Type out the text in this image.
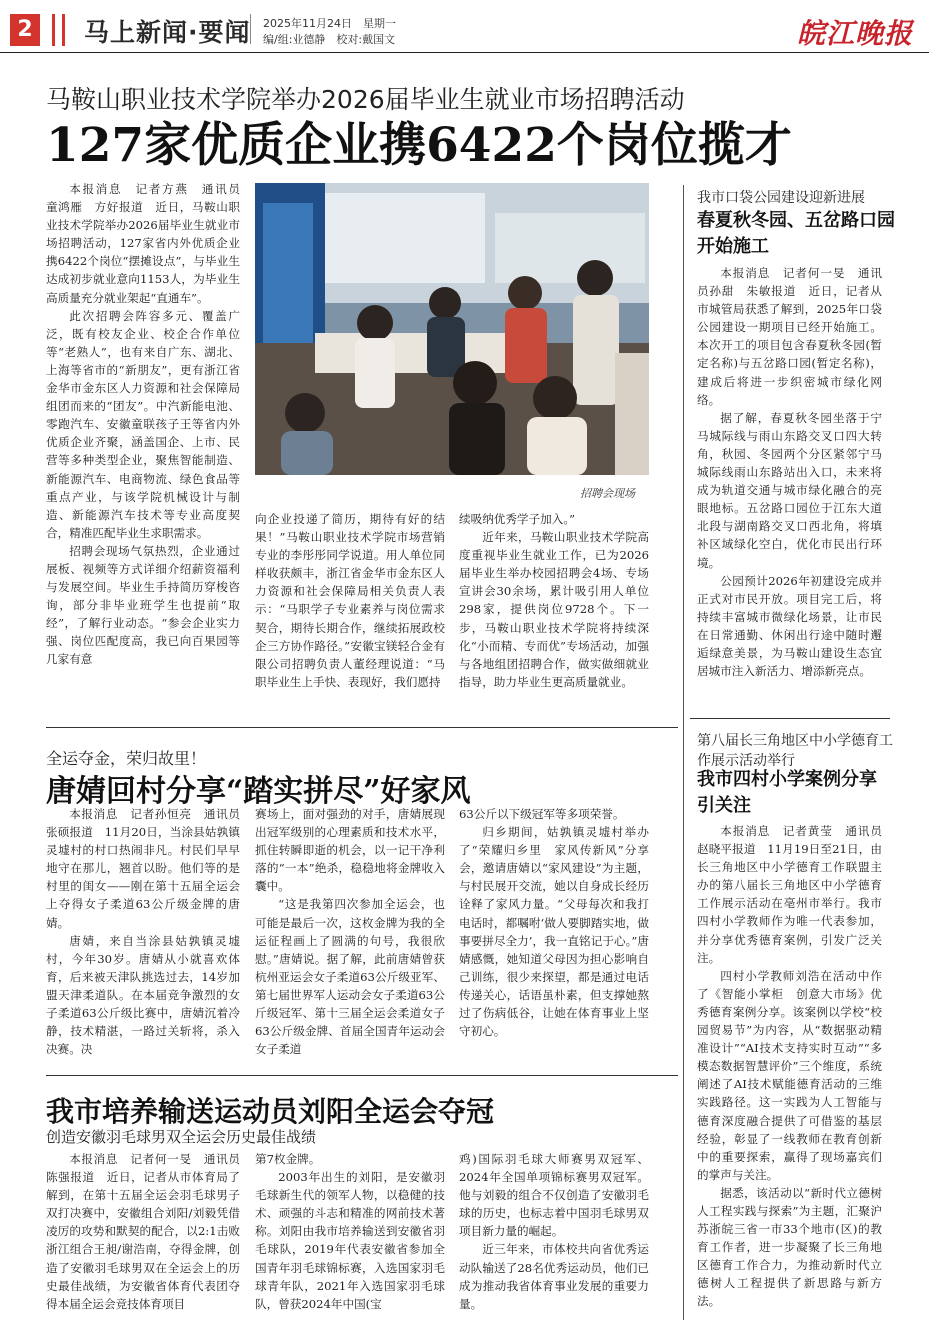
2 马上新闻·要闻 2025年11月24日　星期一
编/组:业德静　校对:戴国文	皖江晚报
马鞍山职业技术学院举办2026届毕业生就业市场招聘活动
127家优质企业携6422个岗位揽才

本报消息　记者方燕　通讯员　童鸿雁　方好报道　近日，马鞍山职业技术学院举办2026届毕业生就业市场招聘活动，127家省内外优质企业携6422个岗位“摆摊设点”，与毕业生达成初步就业意向1153人，为毕业生高质量充分就业架起“直通车”。

此次招聘会阵容多元、覆盖广泛，既有校友企业、校企合作单位等“老熟人”，也有来自广东、湖北、上海等省市的“新朋友”，更有浙江省金华市金东区人力资源和社会保障局组团而来的“团友”。中汽新能电池、零跑汽车、安徽童联孩子王等省内外优质企业齐聚，涵盖国企、上市、民营等多种类型企业，聚焦智能制造、新能源汽车、电商物流、绿色食品等重点产业，与该学院机械设计与制造、新能源汽车技术等专业高度契合，精准匹配毕业生求职需求。

招聘会现场气氛热烈，企业通过展板、视频等方式详细介绍薪资福利与发展空间。毕业生手持简历穿梭咨询，部分非毕业班学生也提前“取经”，了解行业动态。“参会企业实力强、岗位匹配度高，我已向百果园等几家有意

招聘会现场

向企业投递了简历，期待有好的结果！”马鞍山职业技术学院市场营销专业的李彤彤同学说道。用人单位同样收获颇丰，浙江省金华市金东区人力资源和社会保障局相关负责人表示：“马职学子专业素养与岗位需求契合，期待长期合作，继续拓展政校企三方协作路径。”安徽宝镁轻合金有限公司招聘负责人董经理说道：“马职毕业生上手快、表现好，我们愿持

续吸纳优秀学子加入。”

近年来，马鞍山职业技术学院高度重视毕业生就业工作，已为2026届毕业生举办校园招聘会4场、专场宣讲会30余场，累计吸引用人单位298家，提供岗位9728个。下一步，马鞍山职业技术学院将持续深化“小而精、专而优”专场活动，加强与各地组团招聘合作，做实做细就业指导，助力毕业生更高质量就业。

我市口袋公园建设迎新进展
春夏秋冬园、五岔路口园开始施工

本报消息　记者何一旻　通讯员孙甜　朱敏报道　近日，记者从市城管局获悉了解到，2025年口袋公园建设一期项目已经开始施工。本次开工的项目包含春夏秋冬园(暂定名称)与五岔路口园(暂定名称)，建成后将进一步织密城市绿化网络。

据了解，春夏秋冬园坐落于宁马城际线与雨山东路交叉口四大转角，秋园、冬园两个分区紧邻宁马城际线雨山东路站出入口，未来将成为轨道交通与城市绿化融合的亮眼地标。五岔路口园位于江东大道北段与湖南路交叉口西北角，将填补区域绿化空白，优化市民出行环境。

公园预计2026年初建设完成并正式对市民开放。项目完工后，将持续丰富城市微绿化场景，让市民在日常通勤、休闲出行途中随时邂逅绿意美景，为马鞍山建设生态宜居城市注入新活力、增添新亮点。

全运夺金，荣归故里！
唐婧回村分享“踏实拼尽”好家风

本报消息　记者孙恒亮　通讯员张硕报道　11月20日，当涂县姑孰镇灵墟村的村口热闹非凡。村民们早早地守在那儿，翘首以盼。他们等的是村里的闺女——刚在第十五届全运会上夺得女子柔道63公斤级金牌的唐婧。

唐婧，来自当涂县姑孰镇灵墟村，今年30岁。唐婧从小就喜欢体育，后来被天津队挑选过去，14岁加盟天津柔道队。在本届竞争激烈的女子柔道63公斤级比赛中，唐婧沉着冷静，技术精湛，一路过关斩将，杀入决赛。决

赛场上，面对强劲的对手，唐婧展现出冠军级别的心理素质和技术水平，抓住转瞬即逝的机会，以一记干净利落的“一本”绝杀，稳稳地将金牌收入囊中。

“这是我第四次参加全运会，也可能是最后一次，这枚金牌为我的全运征程画上了圆满的句号，我很欣慰。”唐婧说。据了解，此前唐婧曾获杭州亚运会女子柔道63公斤级亚军、第七届世界军人运动会女子柔道63公斤级冠军、第十三届全运会柔道女子63公斤级金牌、首届全国青年运动会女子柔道

63公斤以下级冠军等多项荣誉。

归乡期间，姑孰镇灵墟村举办了“荣耀归乡里　家风传新风”分享会，邀请唐婧以“家风建设”为主题，与村民展开交流，她以自身成长经历诠释了家风力量。“父母每次和我打电话时，都嘱咐‘做人要脚踏实地，做事要拼尽全力’，我一直铭记于心。”唐婧感慨，她知道父母因为担心影响自己训练，很少来探望，都是通过电话传递关心，话语虽朴素，但支撑她熬过了伤病低谷，让她在体育事业上坚守初心。

第八届长三角地区中小学德育工作展示活动举行
我市四村小学案例分享引关注

本报消息　记者黄莹　通讯员赵晓平报道　11月19日至21日，由长三角地区中小学德育工作联盟主办的第八届长三角地区中小学德育工作展示活动在亳州市举行。我市四村小学教师作为唯一代表参加，并分享优秀德育案例，引发广泛关注。

四村小学教师刘浩在活动中作了《智能小掌柜　创意大市场》优秀德育案例分享。该案例以学校“校园贸易节”为内容，从“数据驱动精准设计”“AI技术支持实时互动”“多模态数据智慧评价”三个维度，系统阐述了AI技术赋能德育活动的三维实践路径。这一实践为人工智能与德育深度融合提供了可借鉴的基层经验，彰显了一线教师在教育创新中的重要探索，赢得了现场嘉宾们的掌声与关注。

据悉，该活动以“新时代立德树人工程实践与探索”为主题，汇聚沪苏浙皖三省一市33个地市(区)的教育工作者，进一步凝聚了长三角地区德育工作合力，为推动新时代立德树人工程提供了新思路与新方法。

我市培养输送运动员刘阳全运会夺冠
创造安徽羽毛球男双全运会历史最佳战绩

本报消息　记者何一旻　通讯员陈强报道　近日，记者从市体育局了解到，在第十五届全运会羽毛球男子双打决赛中，安徽组合刘阳/刘毅凭借凌厉的攻势和默契的配合，以2:1击败浙江组合王昶/谢浩南，夺得金牌，创造了安徽羽毛球男双在全运会上的历史最佳战绩，为安徽省体育代表团夺得本届全运会竞技体育项目

第7枚金牌。

2003年出生的刘阳，是安徽羽毛球新生代的领军人物，以稳健的技术、顽强的斗志和精准的网前技术著称。刘阳由我市培养输送到安徽省羽毛球队，2019年代表安徽省参加全国青年羽毛球锦标赛，入选国家羽毛球青年队，2021年入选国家羽毛球队，曾获2024年中国(宝

鸡)国际羽毛球大师赛男双冠军、2024年全国单项锦标赛男双冠军。他与刘毅的组合不仅创造了安徽羽毛球的历史，也标志着中国羽毛球男双项目新力量的崛起。

近三年来，市体校共向省优秀运动队输送了28名优秀运动员，他们已成为推动我省体育事业发展的重要力量。
